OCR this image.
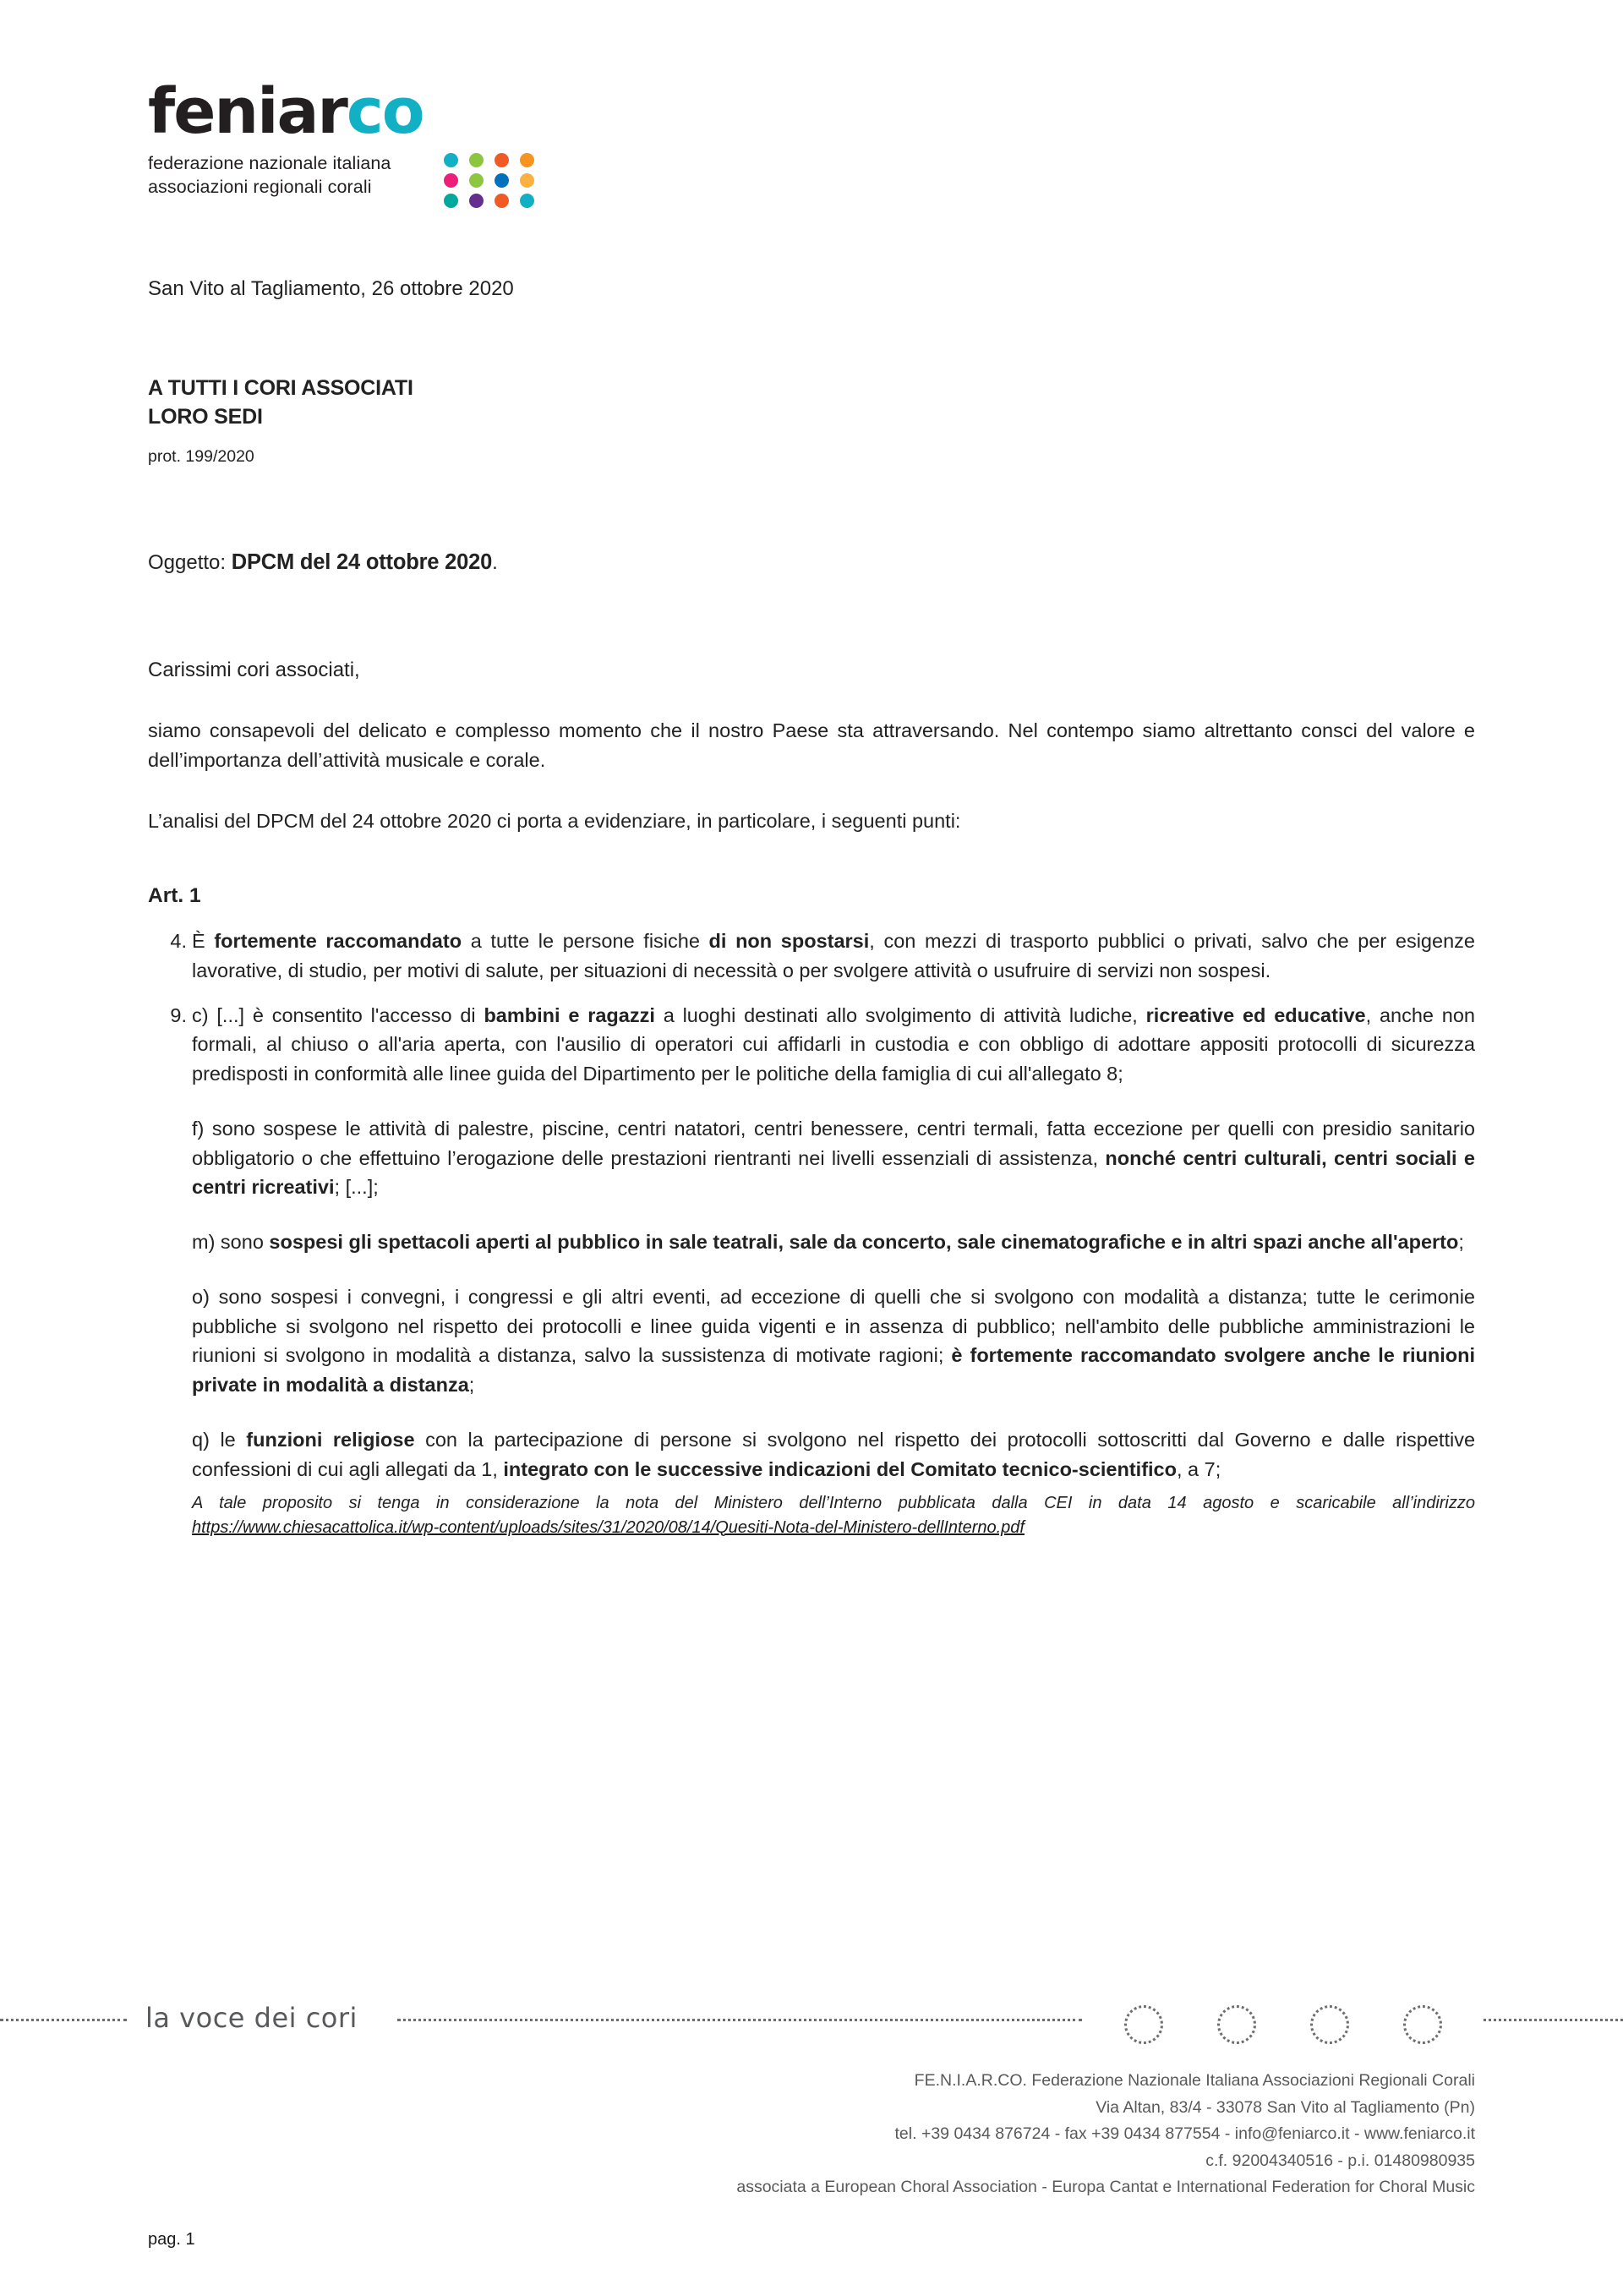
feniarco
federazione nazionale italiana
associazioni regionali corali
San Vito al Tagliamento, 26 ottobre 2020
A TUTTI I CORI ASSOCIATI
LORO SEDI
prot. 199/2020
Oggetto: DPCM del 24 ottobre 2020.
Carissimi cori associati,
siamo consapevoli del delicato e complesso momento che il nostro Paese sta attraversando. Nel contempo siamo altrettanto consci del valore e dell’importanza dell’attività musicale e corale.
L’analisi del DPCM del 24 ottobre 2020 ci porta a evidenziare, in particolare, i seguenti punti:
Art. 1
4. È fortemente raccomandato a tutte le persone fisiche di non spostarsi, con mezzi di trasporto pubblici o privati, salvo che per esigenze lavorative, di studio, per motivi di salute, per situazioni di necessità o per svolgere attività o usufruire di servizi non sospesi.
9. c) [...] è consentito l'accesso di bambini e ragazzi a luoghi destinati allo svolgimento di attività ludiche, ricreative ed educative, anche non formali, al chiuso o all'aria aperta, con l'ausilio di operatori cui affidarli in custodia e con obbligo di adottare appositi protocolli di sicurezza predisposti in conformità alle linee guida del Dipartimento per le politiche della famiglia di cui all'allegato 8;
f) sono sospese le attività di palestre, piscine, centri natatori, centri benessere, centri termali, fatta eccezione per quelli con presidio sanitario obbligatorio o che effettuino l’erogazione delle prestazioni rientranti nei livelli essenziali di assistenza, nonché centri culturali, centri sociali e centri ricreativi; [...];
m) sono sospesi gli spettacoli aperti al pubblico in sale teatrali, sale da concerto, sale cinematografiche e in altri spazi anche all'aperto;
o) sono sospesi i convegni, i congressi e gli altri eventi, ad eccezione di quelli che si svolgono con modalità a distanza; tutte le cerimonie pubbliche si svolgono nel rispetto dei protocolli e linee guida vigenti e in assenza di pubblico; nell'ambito delle pubbliche amministrazioni le riunioni si svolgono in modalità a distanza, salvo la sussistenza di motivate ragioni; è fortemente raccomandato svolgere anche le riunioni private in modalità a distanza;
q) le funzioni religiose con la partecipazione di persone si svolgono nel rispetto dei protocolli sottoscritti dal Governo e dalle rispettive confessioni di cui agli allegati da 1, integrato con le successive indicazioni del Comitato tecnico-scientifico, a 7;
A tale proposito si tenga in considerazione la nota del Ministero dell’Interno pubblicata dalla CEI in data 14 agosto e scaricabile all’indirizzo https://www.chiesacattolica.it/wp-content/uploads/sites/31/2020/08/14/Quesiti-Nota-del-Ministero-dellInterno.pdf
la voce dei cori
FE.N.I.A.R.CO. Federazione Nazionale Italiana Associazioni Regionali Corali
Via Altan, 83/4 - 33078 San Vito al Tagliamento (Pn)
tel. +39 0434 876724 - fax +39 0434 877554 - info@feniarco.it - www.feniarco.it
c.f. 92004340516 - p.i. 01480980935
associata a European Choral Association - Europa Cantat e International Federation for Choral Music
pag. 1
